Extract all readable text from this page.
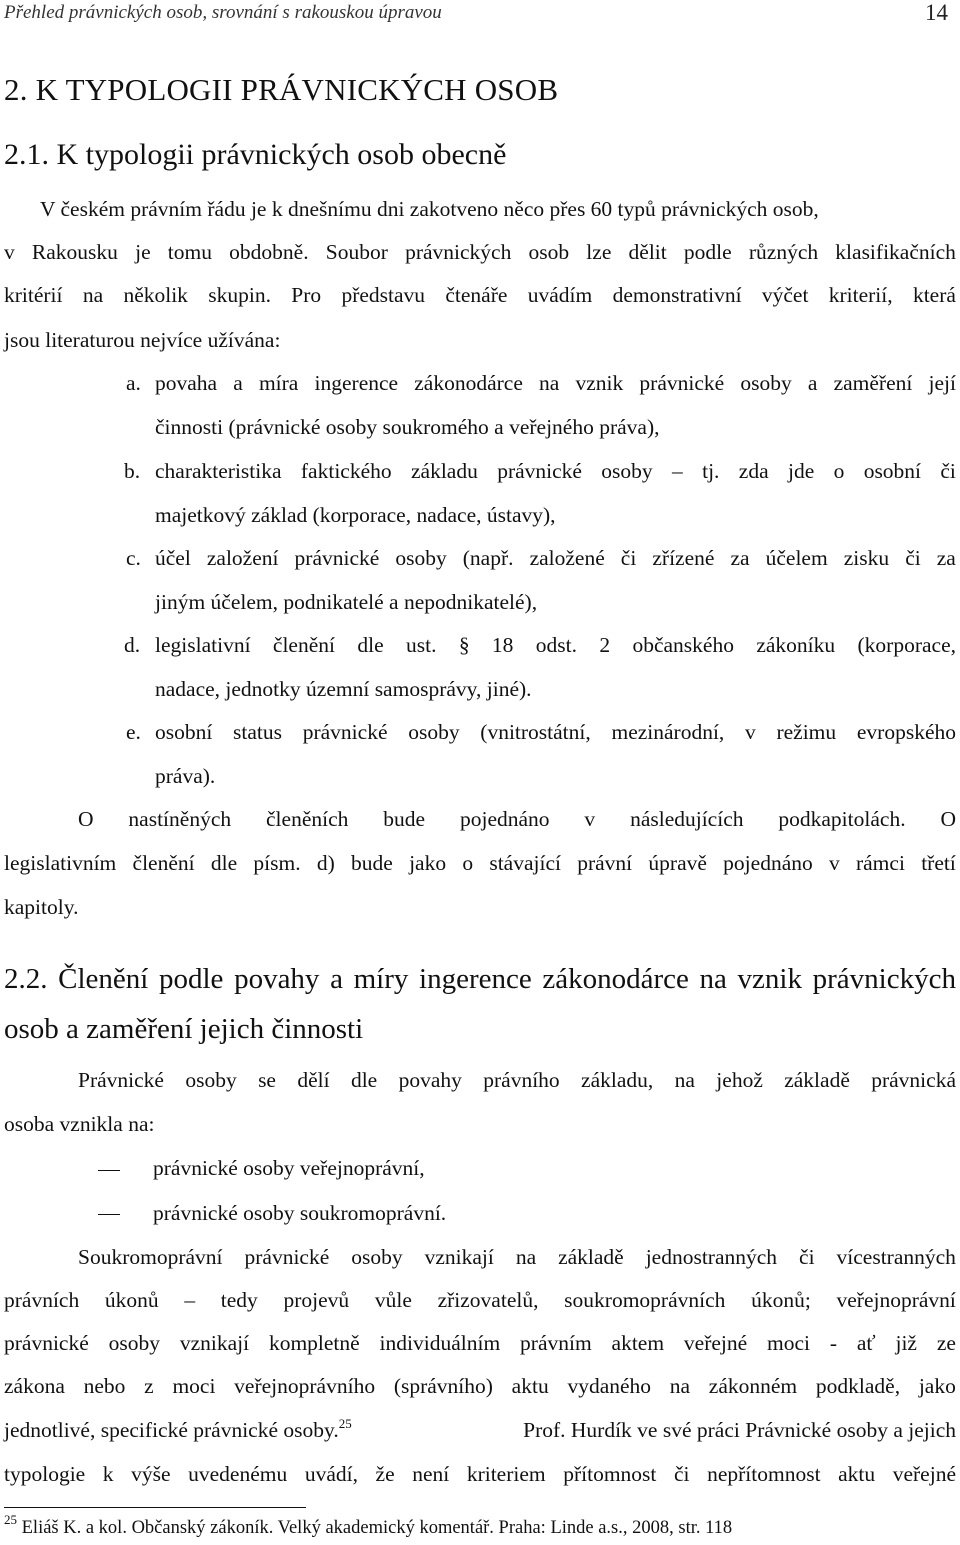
Přehled právnických osob, srovnání s rakouskou úpravou	14
2. K TYPOLOGII PRÁVNICKÝCH OSOB
2.1. K typologii právnických osob obecně
V českém právním řádu je k dnešnímu dni zakotveno něco přes 60 typů právnických osob,
v Rakousku je tomu obdobně. Soubor právnických osob lze dělit podle různých klasifikačních
kritérií na několik skupin. Pro představu čtenáře uvádím demonstrativní výčet kriterií, která
jsou literaturou nejvíce užívána:
a. povaha a míra ingerence zákonodárce na vznik právnické osoby a zaměření její
činnosti (právnické osoby soukromého a veřejného práva),
b. charakteristika faktického základu právnické osoby – tj. zda jde o osobní či
majetkový základ (korporace, nadace, ústavy),
c. účel založení právnické osoby (např. založené či zřízené za účelem zisku či za
jiným účelem, podnikatelé a nepodnikatelé),
d. legislativní členění dle ust. § 18 odst. 2 občanského zákoníku (korporace,
nadace, jednotky územní samosprávy, jiné).
e. osobní status právnické osoby (vnitrostátní, mezinárodní, v režimu evropského
práva).
O nastíněných členěních bude pojednáno v následujících podkapitolách. O
legislativním členění dle písm. d) bude jako o stávající právní úpravě pojednáno v rámci třetí
kapitoly.
2.2. Členění podle povahy a míry ingerence zákonodárce na vznik právnických
osob a zaměření jejich činnosti
Právnické osoby se dělí dle povahy právního základu, na jehož základě právnická
osoba vznikla na:
právnické osoby veřejnoprávní,
právnické osoby soukromoprávní.
Soukromoprávní právnické osoby vznikají na základě jednostranných či vícestranných
právních úkonů – tedy projevů vůle zřizovatelů, soukromoprávních úkonů; veřejnoprávní
právnické osoby vznikají kompletně individuálním právním aktem veřejné moci - ať již ze
zákona nebo z moci veřejnoprávního (správního) aktu vydaného na zákonném podkladě, jako
jednotlivé, specifické právnické osoby.$^{25}$	Prof. Hurdík ve své práci Právnické osoby a jejich
typologie k výše uvedenému uvádí, že není kriteriem přítomnost či nepřítomnost aktu veřejné
$^{25}$ Eliáš K. a kol. Občanský zákoník. Velký akademický komentář. Praha: Linde a.s., 2008, str. 118
